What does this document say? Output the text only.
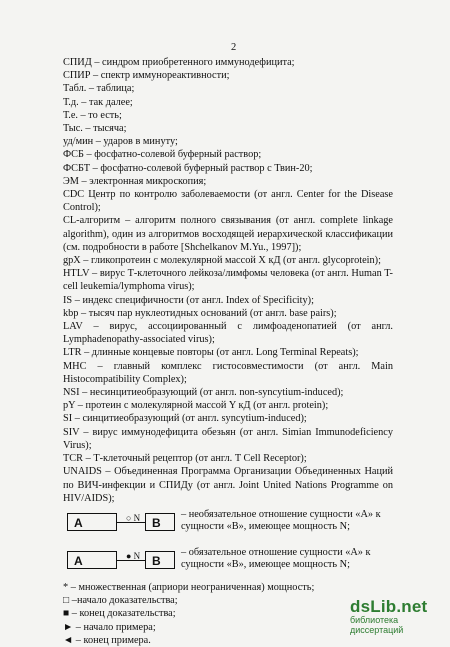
2

СПИД – синдром приобретенного иммунодефицита;

СПИР – спектр иммунореактивности;

Табл. – таблица;

Т.д. – так далее;

Т.е. – то есть;

Тыс. – тысяча;

уд/мин – ударов в минуту;

ФСБ – фосфатно-солевой буферный раствор;

ФСБТ – фосфатно-солевой буферный раствор с Твин-20;

ЭМ – электронная микроскопия;

CDC Центр по контролю заболеваемости (от англ. Center for the Disease Control);

CL-алгоритм – алгоритм полного связывания (от англ. complete linkage algorithm), один из алгоритмов восходящей иерархической классификации (см. подробности в работе [Shchelkanov M.Yu., 1997]);

gpX – гликопротеин с молекулярной массой X кД (от англ. glycoprotein);

HTLV – вирус Т-клеточного лейкоза/лимфомы человека (от англ. Human T-cell leukemia/lymphoma virus);

IS – индекс специфичности (от англ. Index of Specificity);

kbp – тысяч пар нуклеотидных оснований (от англ. base pairs);

LAV – вирус, ассоциированный с лимфоаденопатией (от англ. Lymphadenopathy-associated virus);

LTR – длинные концевые повторы (от англ. Long Terminal Repeats);

MHC – главный комплекс гистосовместимости (от англ. Main Histocompatibility Complex);

NSI – несинцитиеобразующий (от англ. non-syncytium-induced);

pY – протеин с молекулярной массой Y кД (от англ. protein);

SI – синцитиеобразующий (от англ. syncytium-induced);

SIV – вирус иммунодефицита обезьян (от англ. Simian Immunodeficiency Virus);

TCR – Т-клеточный рецептор (от англ. T Cell Receptor);

UNAIDS – Объединенная Программа Организации Объединенных Наций по ВИЧ-инфекции и СПИДу (от англ. Joint United Nations Programme on HIV/AIDS);

A	○ N B
– необязательное отношение сущности «A» к сущности «B», имеющее мощность N;
A	● N B
– обязательное отношение сущности «A» к сущности «B», имеющее мощность N;

* – множественная (априори неограниченная) мощность;

□ –начало доказательства;

■ – конец доказательства;

► – начало примера;

◄ – конец примера.

dsLib.net
библиотека диссертаций
